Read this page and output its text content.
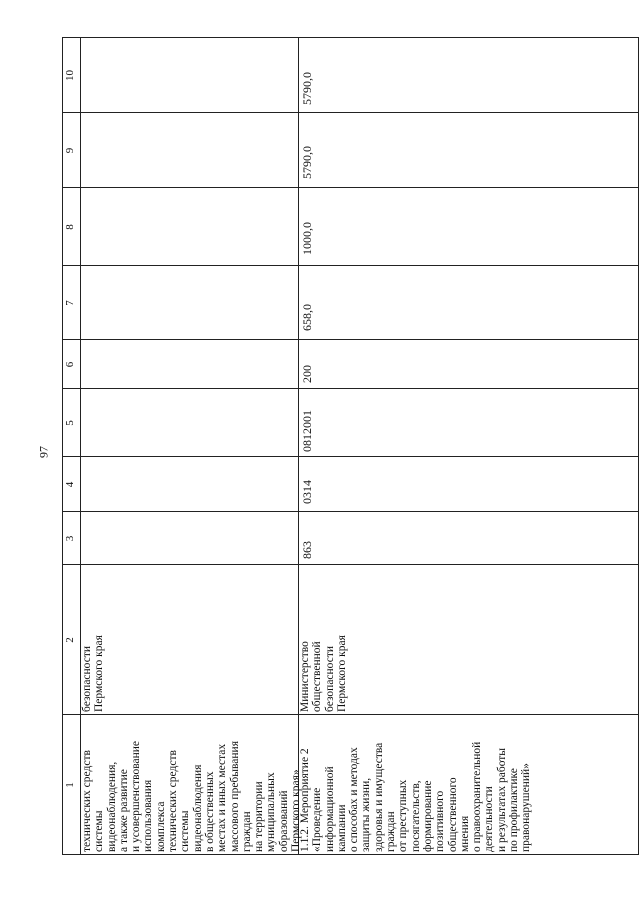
97
1
2
3
4
5
6
7
8
9
10
технических средств
системы
видеонаблюдения,
а также развитие
и усовершенствование
использования
комплекса
технических средств
системы
видеонаблюдения
в общественных
местах и иных местах
массового пребывания
граждан
на территории
муниципальных
образований
Пермского края»
безопасности
Пермского края
1.1.2. Мероприятие 2
«Проведение
информационной
кампании
о способах и методах
защиты жизни,
здоровья и имущества
граждан
от преступных
посягательств,
формирование
позитивного
общественного
мнения
о правоохранительной
деятельности
и результатах работы
по профилактике
правонарушений»
Министерство
общественной
безопасности
Пермского края
863
0314
0812001
200
658,0
1000,0
5790,0
5790,0
